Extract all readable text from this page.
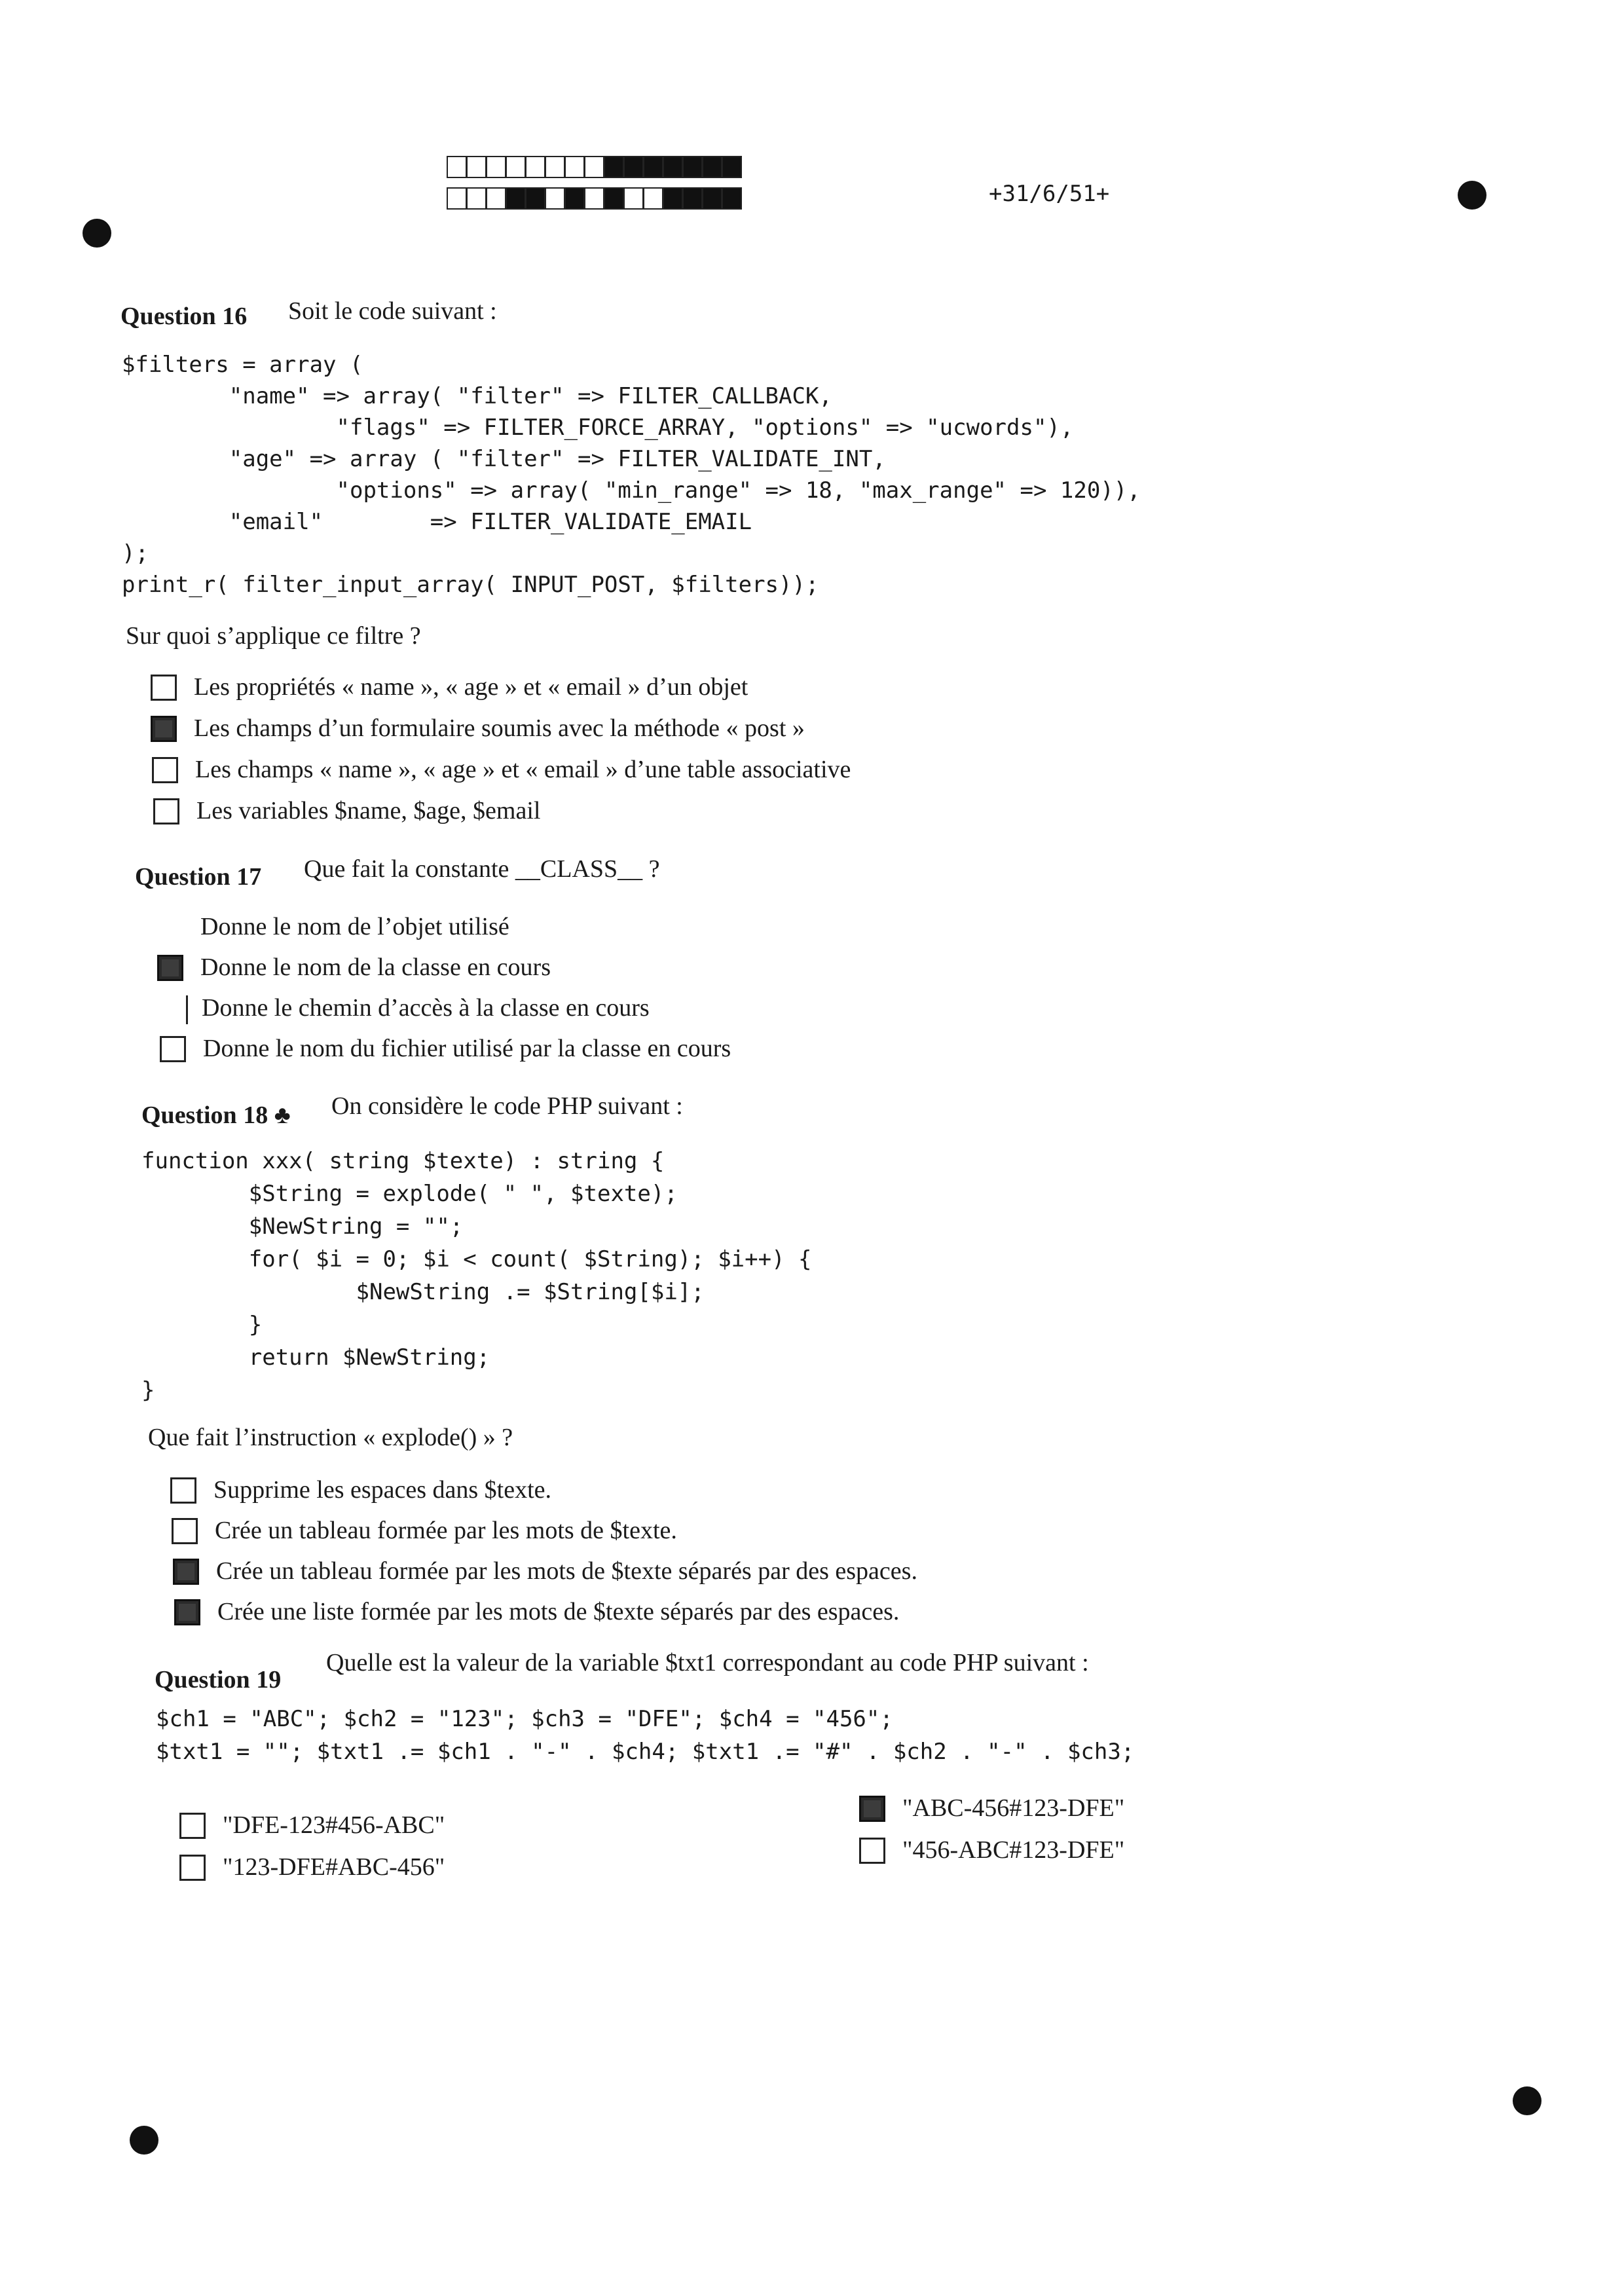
+31/6/51+
Question 16 Soit le code suivant :
$filters = array (
"name" => array( "filter" => FILTER_CALLBACK,
"flags" => FILTER_FORCE_ARRAY, "options" => "ucwords"),
"age" => array ( "filter" => FILTER_VALIDATE_INT,
"options" => array( "min_range" => 18, "max_range" => 120)),
"email"        => FILTER_VALIDATE_EMAIL
);
print_r( filter_input_array( INPUT_POST, $filters));
Sur quoi s’applique ce filtre ?
Les propriétés « name », « age » et « email » d’un objet
Les champs d’un formulaire soumis avec la méthode « post »
Les champs « name », « age » et « email » d’une table associative
Les variables $name, $age, $email
Question 17 Que fait la constante __CLASS__ ?
Donne le nom de l’objet utilisé
Donne le nom de la classe en cours
Donne le chemin d’accès à la classe en cours
Donne le nom du fichier utilisé par la classe en cours
Question 18 ♣ On considère le code PHP suivant :
function xxx( string $texte) : string {
$String = explode( " ", $texte);
$NewString = "";
for( $i = 0; $i < count( $String); $i++) {
$NewString .= $String[$i];
}
return $NewString;
}
Que fait l’instruction « explode() » ?
Supprime les espaces dans $texte.
Crée un tableau formée par les mots de $texte.
Crée un tableau formée par les mots de $texte séparés par des espaces.
Crée une liste formée par les mots de $texte séparés par des espaces.
Question 19
Quelle est la valeur de la variable $txt1 correspondant au code PHP suivant :
$ch1 = "ABC"; $ch2 = "123"; $ch3 = "DFE"; $ch4 = "456";
$txt1 = ""; $txt1 .= $ch1 . "-" . $ch4; $txt1 .= "#" . $ch2 . "-" . $ch3;
"DFE-123#456-ABC"
"123-DFE#ABC-456"
"ABC-456#123-DFE"
"456-ABC#123-DFE"
